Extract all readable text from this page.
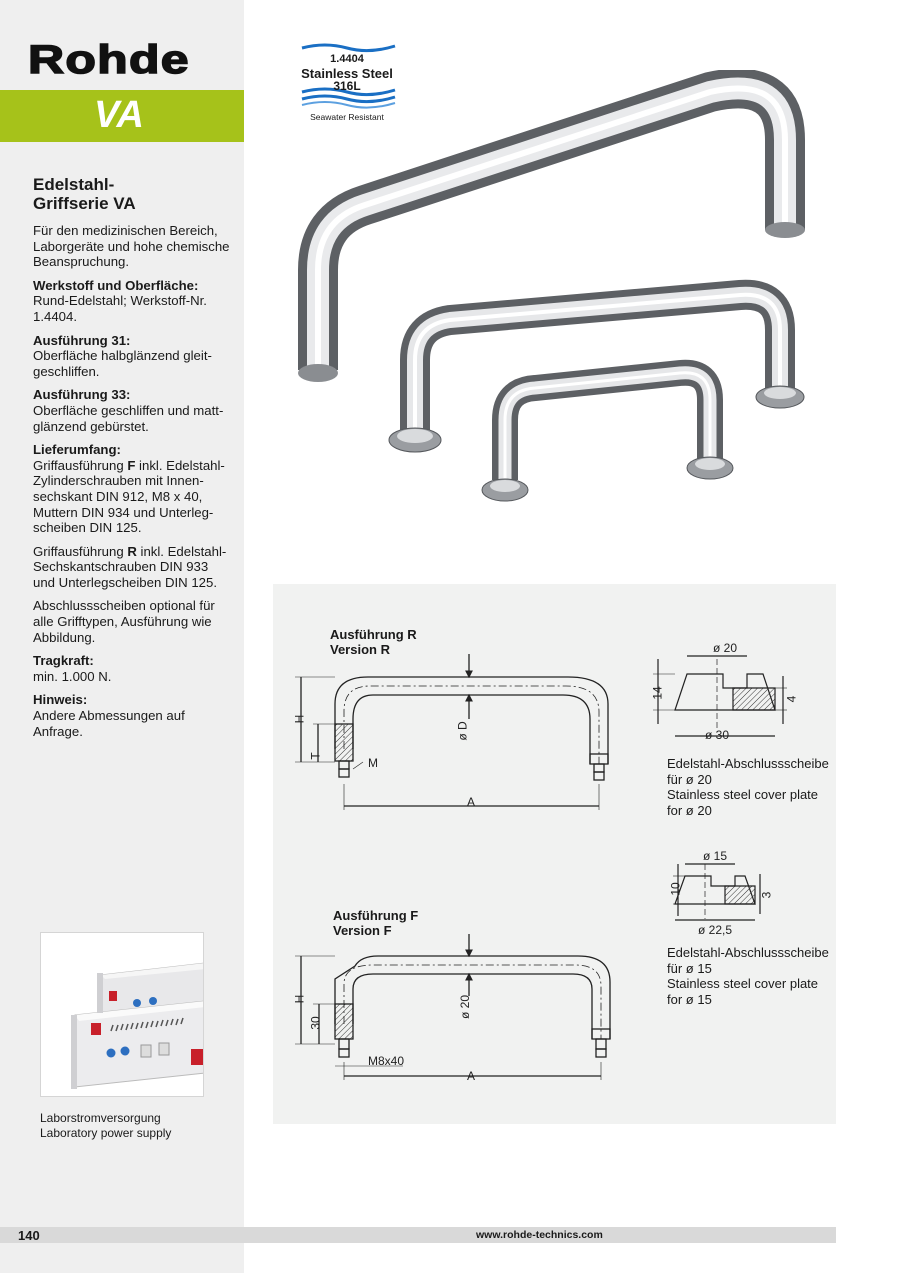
Rohde
VA
Edelstahl-
Griffserie VA
Für den medizinischen Bereich, Laborgeräte und hohe chemische Beanspruchung.
Werkstoff und Oberfläche:
Rund-Edelstahl; Werkstoff-Nr. 1.4404.
Ausführung 31:
Oberfläche halbglänzend gleit-geschliffen.
Ausführung 33:
Oberfläche geschliffen und matt-glänzend gebürstet.
Lieferumfang:
Griffausführung F inkl. Edelstahl-Zylinderschrauben mit Innen-sechskant DIN 912, M8 x 40, Muttern DIN 934 und Unterleg-scheiben DIN 125.
Griffausführung R inkl. Edelstahl-Sechskantschrauben DIN 933 und Unterlegscheiben DIN 125.
Abschlussscheiben optional für alle Grifftypen, Ausführung wie Abbildung.
Tragkraft:
min. 1.000 N.
Hinweis:
Andere Abmessungen auf Anfrage.
Laborstromversorgung
Laboratory power supply
1.4404
Stainless Steel
316L
Seawater Resistant
Ausführung R
Version R
H
T	M
ø D
A
Ausführung F
Version F
H
30
ø 20
M8x40
A
ø 20
ø 30
14	4
Edelstahl-Abschlussscheibe
für ø 20
Stainless steel cover plate
for ø 20
ø 15
ø 22,5
10	3
Edelstahl-Abschlussscheibe
für ø 15
Stainless steel cover plate
for ø 15
140	www.rohde-technics.com
